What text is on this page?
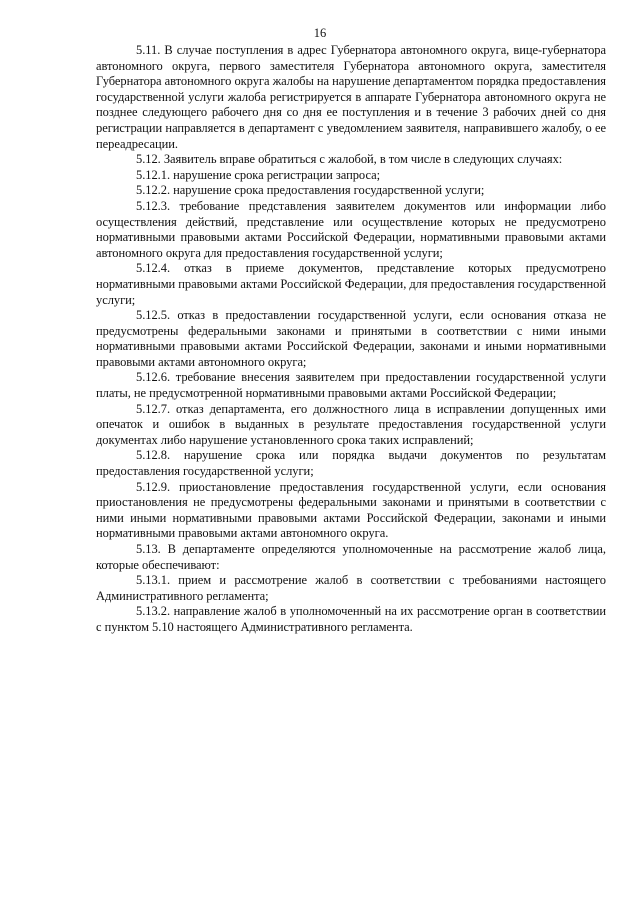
16

5.11. В случае поступления в адрес Губернатора автономного округа, вице-губернатора автономного округа, первого заместителя Губернатора автономного округа, заместителя Губернатора автономного округа жалобы на нарушение департаментом порядка предоставления государственной услуги жалоба регистрируется в аппарате Губернатора автономного округа не позднее следующего рабочего дня со дня ее поступления и в течение 3 рабочих дней со дня регистрации направляется в департамент с уведомлением заявителя, направившего жалобу, о ее переадресации.

5.12. Заявитель вправе обратиться с жалобой, в том числе в следующих случаях:

5.12.1. нарушение срока регистрации запроса;

5.12.2. нарушение срока предоставления государственной услуги;

5.12.3. требование представления заявителем документов или информации либо осуществления действий, представление или осуществление которых не предусмотрено нормативными правовыми актами Российской Федерации, нормативными правовыми актами автономного округа для предоставления государственной услуги;

5.12.4. отказ в приеме документов, представление которых предусмотрено нормативными правовыми актами Российской Федерации, для предоставления государственной услуги;

5.12.5. отказ в предоставлении государственной услуги, если основания отказа не предусмотрены федеральными законами и принятыми в соответствии с ними иными нормативными правовыми актами Российской Федерации, законами и иными нормативными правовыми актами автономного округа;

5.12.6. требование внесения заявителем при предоставлении государственной услуги платы, не предусмотренной нормативными правовыми актами Российской Федерации;

5.12.7. отказ департамента, его должностного лица в исправлении допущенных ими опечаток и ошибок в выданных в результате предоставления государственной услуги документах либо нарушение установленного срока таких исправлений;

5.12.8. нарушение срока или порядка выдачи документов по результатам предоставления государственной услуги;

5.12.9. приостановление предоставления государственной услуги, если основания приостановления не предусмотрены федеральными законами и принятыми в соответствии с ними иными нормативными правовыми актами Российской Федерации, законами и иными нормативными правовыми актами автономного округа.

5.13. В департаменте определяются уполномоченные на рассмотрение жалоб лица, которые обеспечивают:

5.13.1. прием и рассмотрение жалоб в соответствии с требованиями настоящего Административного регламента;

5.13.2. направление жалоб в уполномоченный на их рассмотрение орган в соответствии с пунктом 5.10 настоящего Административного регламента.
